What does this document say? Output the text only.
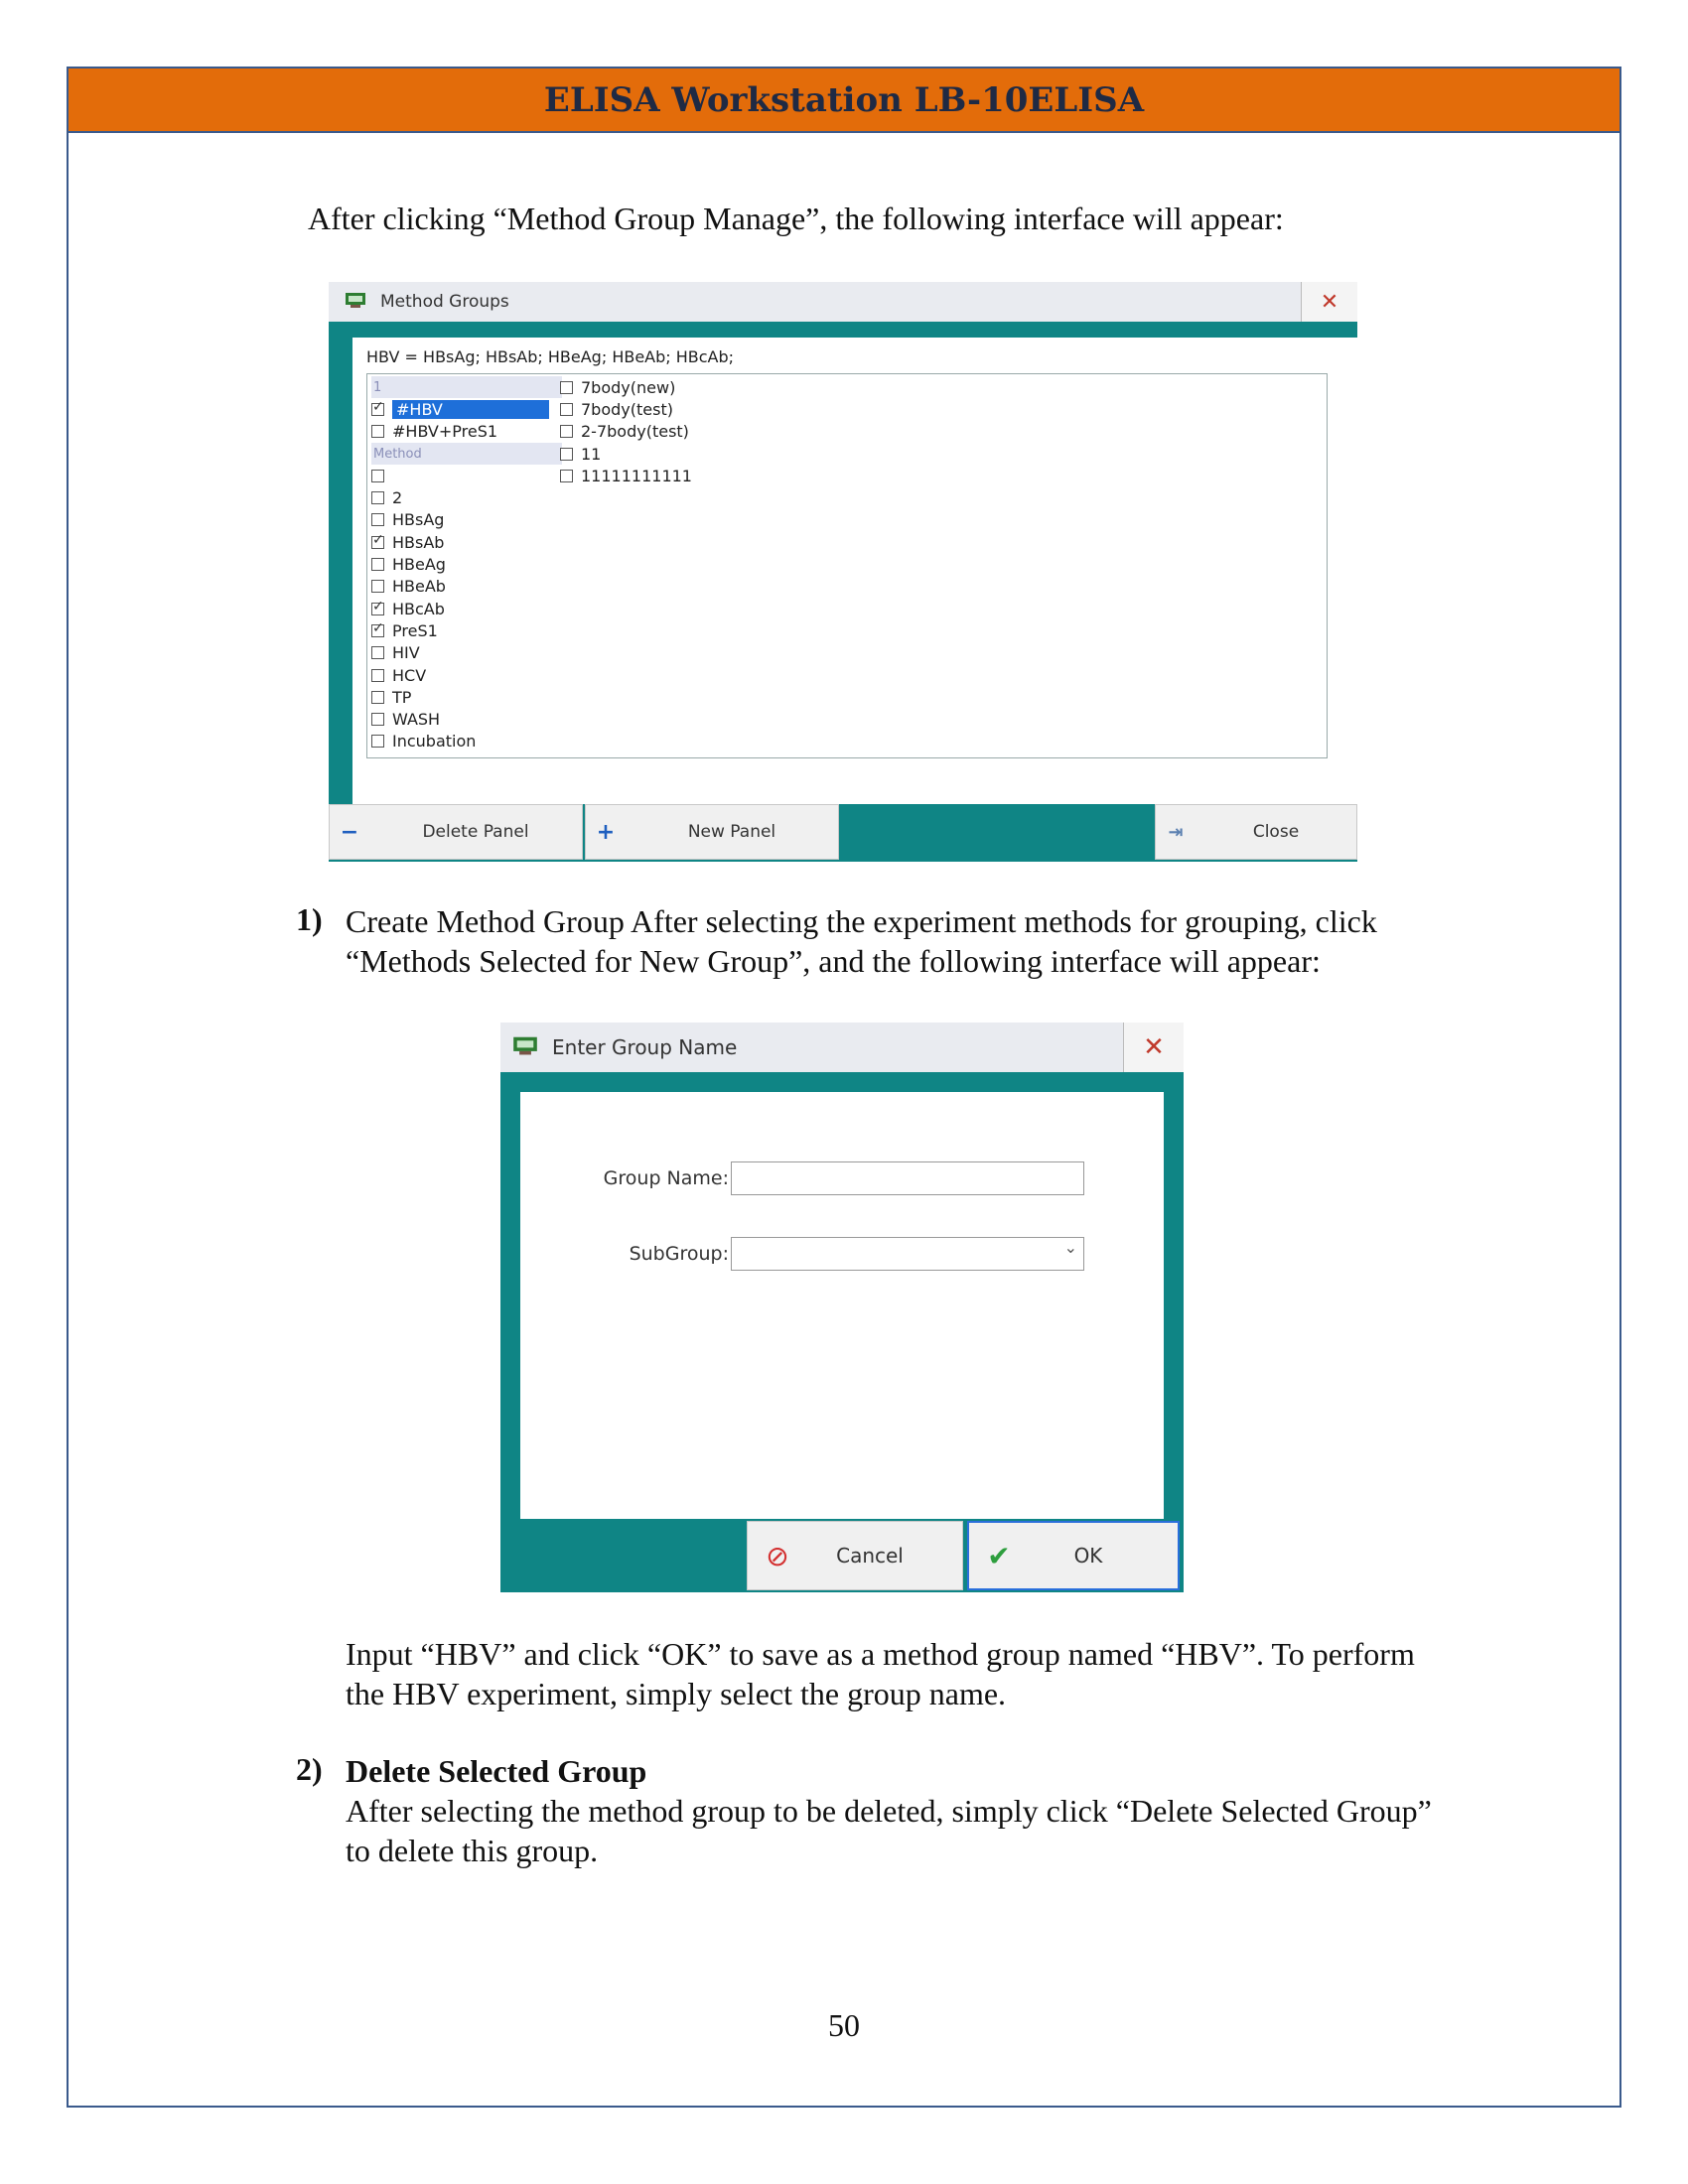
ELISA Workstation LB-10ELISA
After clicking “Method Group Manage”, the following interface will appear:
Method Groups	✕
HBV = HBsAg; HBsAb; HBeAg; HBeAb; HBcAb;
1
✓
#HBV
#HBV+PreS1
Method
2
HBsAg
✓
HBsAb
HBeAg
HBeAb
✓
HBcAb
✓
PreS1
HIV
HCV
TP
WASH
Incubation
7body(new)
7body(test)
2-7body(test)
11
11111111111
−	Delete Panel	+	New Panel	⇥	Close
1) Create Method Group After selecting the experiment methods for grouping, click
“Methods Selected for New Group”, and the following interface will appear:
Enter Group Name	✕
Group Name:
SubGroup:	⌄
⊘	Cancel	✔	OK
Input “HBV” and click “OK” to save as a method group named “HBV”. To perform
the HBV experiment, simply select the group name.
2) Delete Selected Group
After selecting the method group to be deleted, simply click “Delete Selected Group”
to delete this group.
50
